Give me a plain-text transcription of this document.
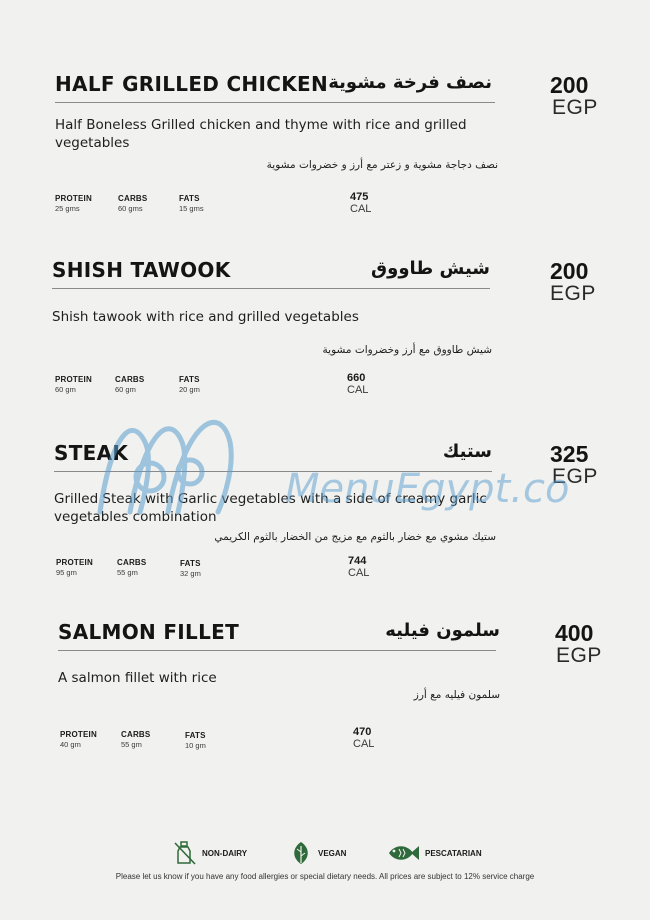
HALF GRILLED CHICKEN نصف فرخة مشوية
Half Boneless Grilled chicken and thyme with rice and grilled vegetables
نصف دجاجة مشوية و زعتر مع أرز و خضروات مشوية
PROTEIN
25 gms
CARBS
60 gms
FATS
15 gms
475
CAL
200
EGP
SHISH TAWOOK	شيش طاووق
Shish tawook with rice and grilled vegetables
شيش طاووق مع أرز وخضروات مشوية
PROTEIN
60 gm
CARBS
60 gm
FATS
20 gm
660
CAL
200
EGP
STEAK	ستيك
Grilled Steak with Garlic vegetables with a side of creamy garlic vegetables combination
ستيك مشوي مع خضار بالثوم مع مزيج من الخضار بالثوم الكريمي
PROTEIN
95 gm
CARBS
55 gm
FATS
32 gm
744
CAL
325
EGP
SALMON FILLET	سلمون فيليه
A salmon fillet with rice
سلمون فيليه مع أرز
PROTEIN
40 gm
CARBS
55 gm
FATS
10 gm
470
CAL
400
EGP
MenuEgypt.co
NON-DAIRY	VEGAN	PESCATARIAN
Please let us know if you have any food allergies or special dietary needs. All prices are subject to 12% service charge
